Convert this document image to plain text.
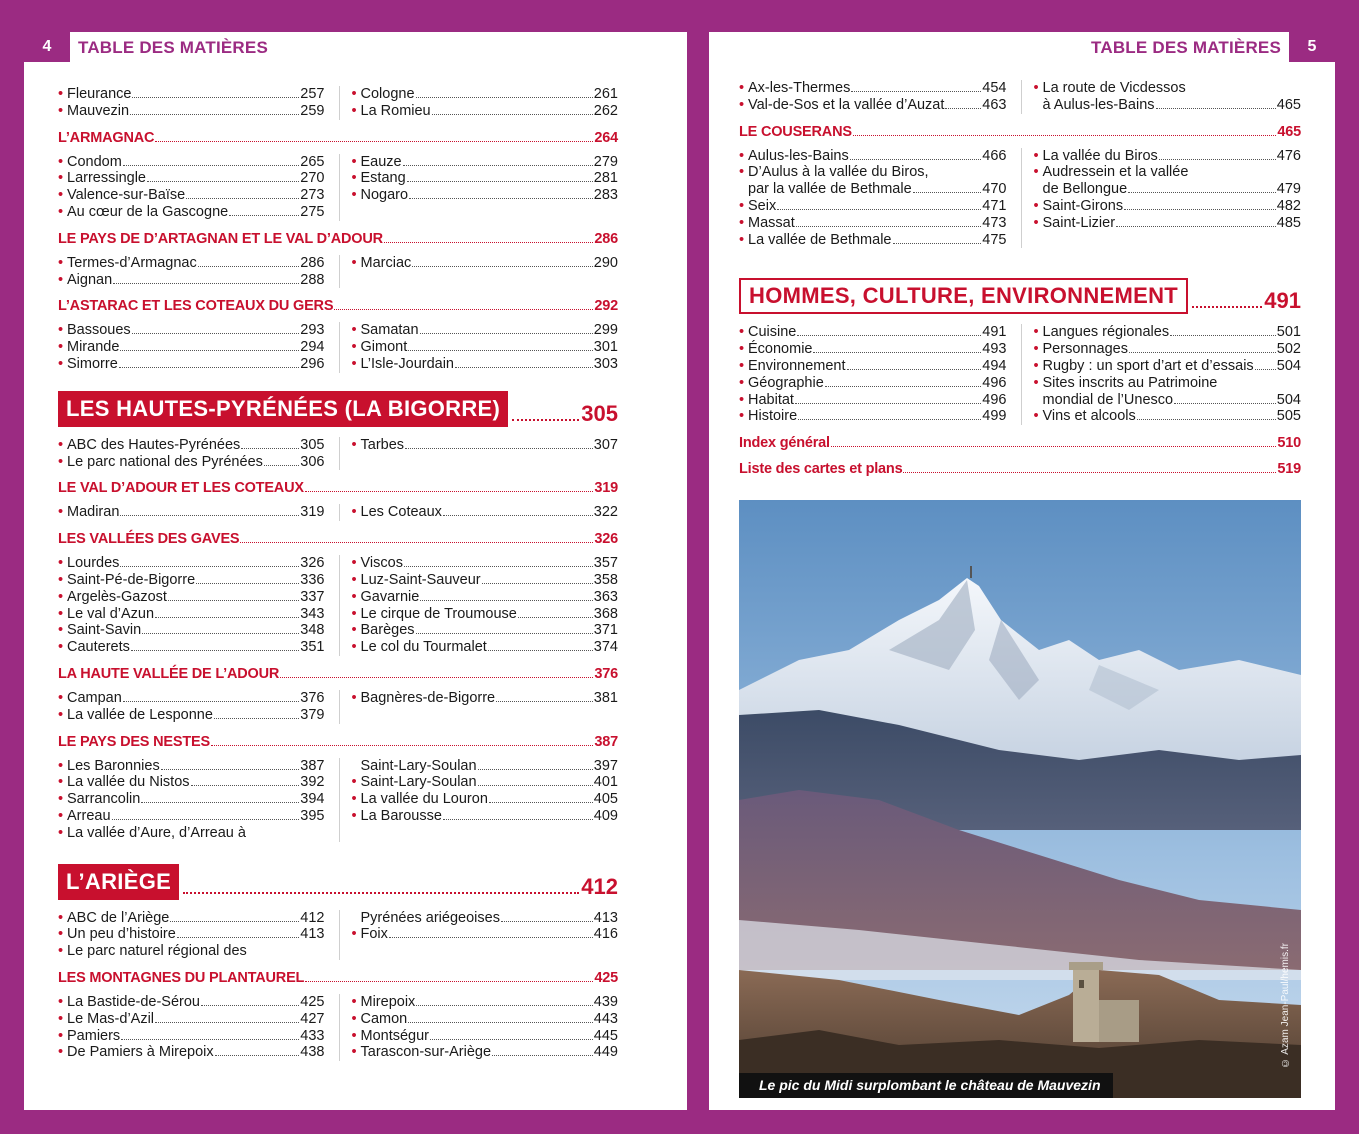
4	TABLE DES MATIÈRES
• Fleurance	257
• Mauvezin	259
• Cologne	261
• La Romieu	262
L’ARMAGNAC	264
• Condom	265
• Larressingle	270
• Valence-sur-Baïse	273
• Au cœur de la Gascogne	275
• Eauze	279
• Estang	281
• Nogaro	283
LE PAYS DE D’ARTAGNAN ET LE VAL D’ADOUR	286
• Termes-d’Armagnac	286
• Aignan	288
• Marciac	290
L’ASTARAC ET LES COTEAUX DU GERS	292
• Bassoues	293
• Mirande	294
• Simorre	296
• Samatan	299
• Gimont	301
• L’Isle-Jourdain	303
LES HAUTES-PYRÉNÉES (LA BIGORRE)	305
• ABC des Hautes-Pyrénées	305
• Le parc national des Pyrénées	306
• Tarbes	307
LE VAL D’ADOUR ET LES COTEAUX	319
• Madiran	319 • Les Coteaux	322
LES VALLÉES DES GAVES	326
• Lourdes	326
• Saint-Pé-de-Bigorre	336
• Argelès-Gazost	337
• Le val d’Azun	343
• Saint-Savin	348
• Cauterets	351
• Viscos	357
• Luz-Saint-Sauveur	358
• Gavarnie	363
• Le cirque de Troumouse	368
• Barèges	371
• Le col du Tourmalet	374
LA HAUTE VALLÉE DE L’ADOUR	376
• Campan	376
• La vallée de Lesponne	379
• Bagnères-de-Bigorre	381
LE PAYS DES NESTES	387
• Les Baronnies	387
• La vallée du Nistos	392
• Sarrancolin	394
• Arreau	395
• La vallée d’Aure, d’Arreau à
Saint-Lary-Soulan	397
• Saint-Lary-Soulan	401
• La vallée du Louron	405
• La Barousse	409
L’ARIÈGE	412
• ABC de l’Ariège	412
• Un peu d’histoire	413
• Le parc naturel régional des
Pyrénées ariégeoises	413
• Foix	416
LES MONTAGNES DU PLANTAUREL	425
• La Bastide-de-Sérou	425
• Le Mas-d’Azil	427
• Pamiers	433
• De Pamiers à Mirepoix	438
• Mirepoix	439
• Camon	443
• Montségur	445
• Tarascon-sur-Ariège	449
5
TABLE DES MATIÈRES
• Ax-les-Thermes	454
• Val-de-Sos et la vallée d’Auzat	463
• La route de Vicdessos
à Aulus-les-Bains	465
LE COUSERANS	465
• Aulus-les-Bains	466
• D’Aulus à la vallée du Biros,
par la vallée de Bethmale	470
• Seix	471
• Massat	473
• La vallée de Bethmale	475
• La vallée du Biros	476
• Audressein et la vallée
de Bellongue	479
• Saint-Girons	482
• Saint-Lizier	485
HOMMES, CULTURE, ENVIRONNEMENT	491
• Cuisine	491
• Économie	493
• Environnement	494
• Géographie	496
• Habitat	496
• Histoire	499
• Langues régionales	501
• Personnages	502
• Rugby : un sport d’art et d’essais 504
• Sites inscrits au Patrimoine
mondial de l’Unesco	504
• Vins et alcools	505
Index général	510
Liste des cartes et plans	519
Le pic du Midi surplombant le château de Mauvezin
© Azam Jean-Paul/hemis.fr
